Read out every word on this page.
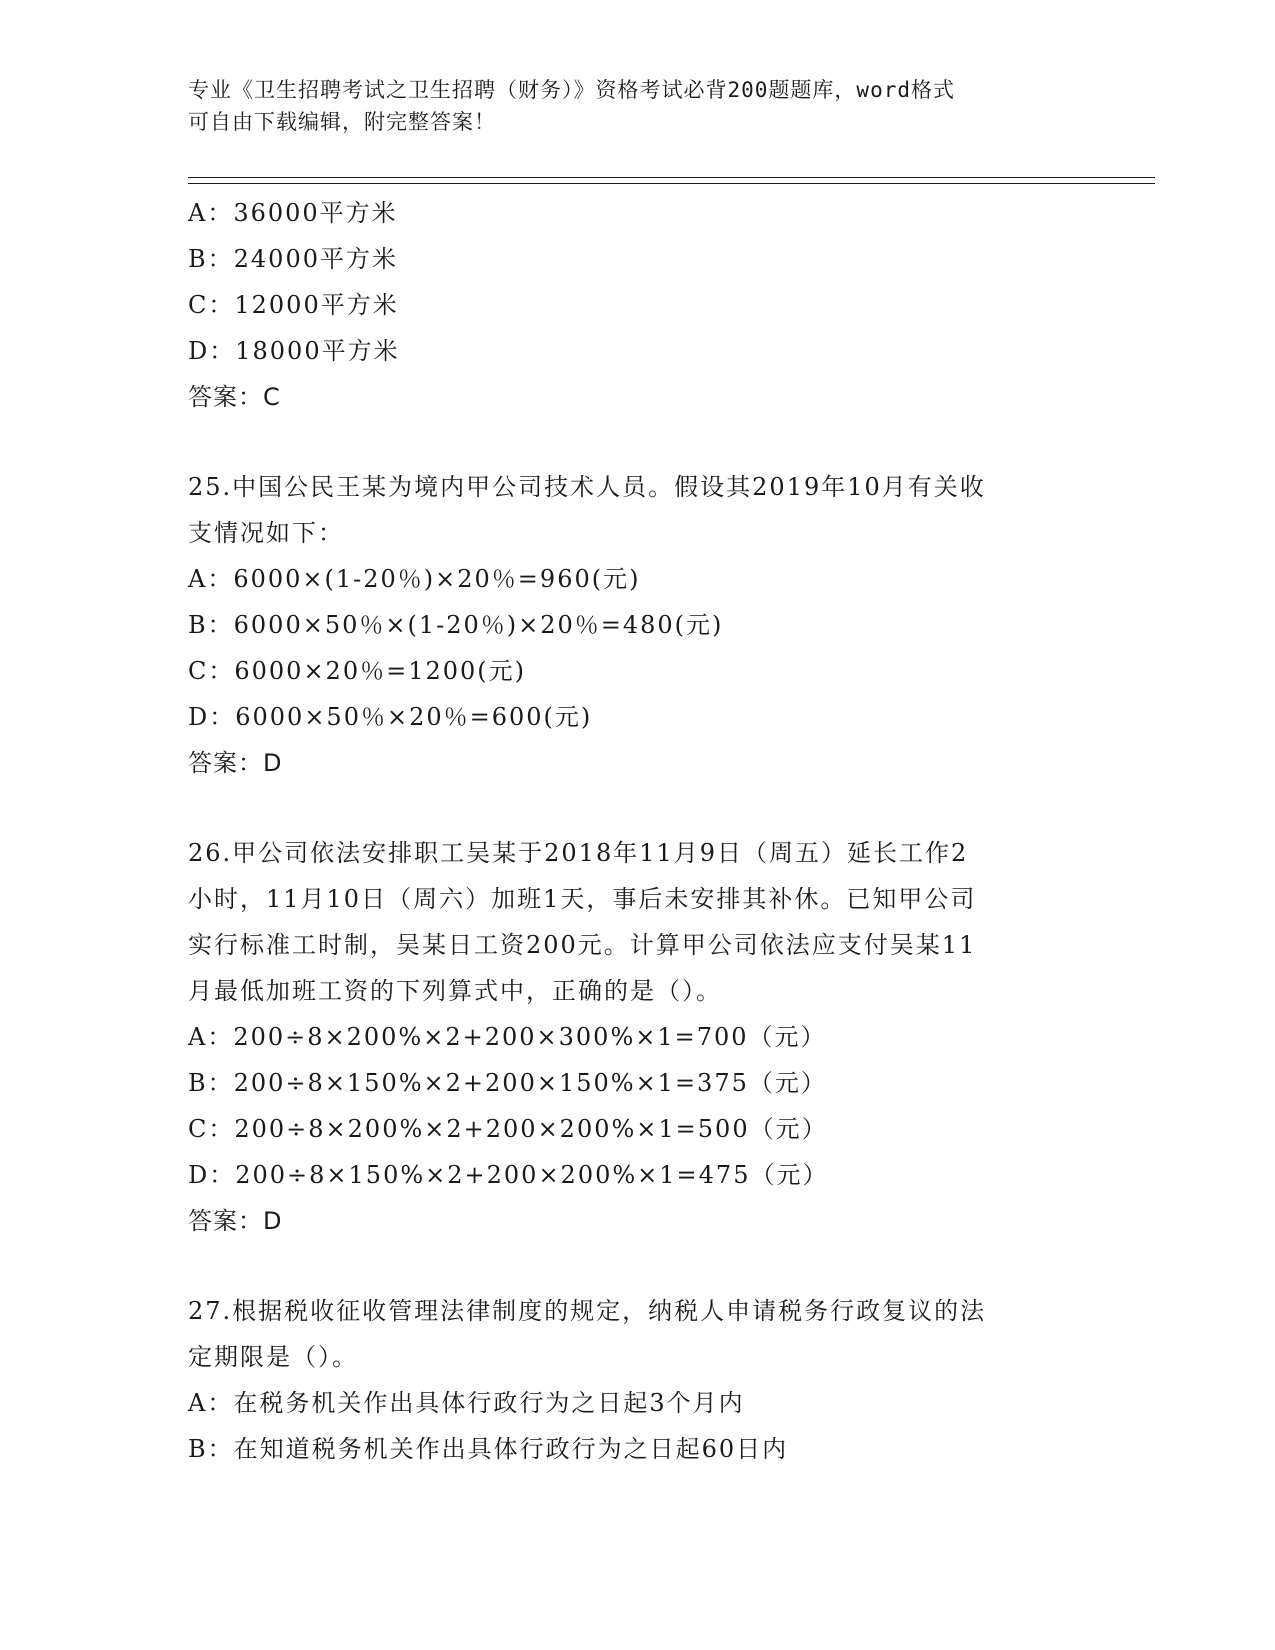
专业《卫生招聘考试之卫生招聘（财务）》资格考试必背200题题库，word格式
可自由下载编辑，附完整答案！
A：36000平方米
B：24000平方米
C：12000平方米
D：18000平方米
答案：C
25.中国公民王某为境内甲公司技术人员。假设其2019年10月有关收
支情况如下：
A：6000×(1-20％)×20％=960(元)
B：6000×50％×(1-20％)×20％=480(元)
C：6000×20％=1200(元)
D：6000×50％×20％=600(元)
答案：D
26.甲公司依法安排职工吴某于2018年11月9日（周五）延长工作2
小时，11月10日（周六）加班1天，事后未安排其补休。已知甲公司
实行标准工时制，吴某日工资200元。计算甲公司依法应支付吴某11
月最低加班工资的下列算式中，正确的是（）。
A：200÷8×200%×2+200×300%×1=700（元）
B：200÷8×150%×2+200×150%×1=375（元）
C：200÷8×200%×2+200×200%×1=500（元）
D：200÷8×150%×2+200×200%×1=475（元）
答案：D
27.根据税收征收管理法律制度的规定，纳税人申请税务行政复议的法
定期限是（）。
A：在税务机关作出具体行政行为之日起3个月内
B：在知道税务机关作出具体行政行为之日起60日内
